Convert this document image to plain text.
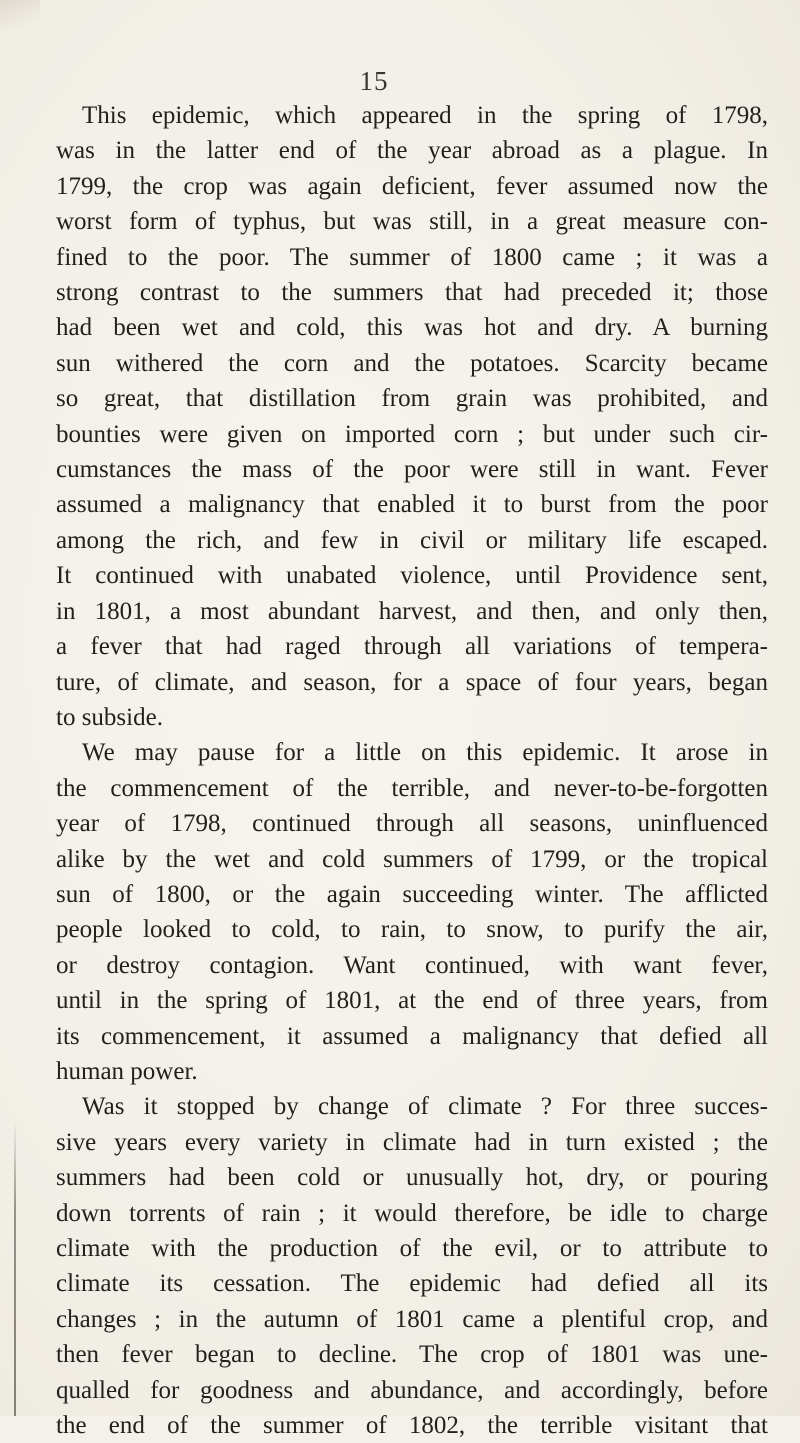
15

This epidemic, which appeared in the spring of 1798,
was in the latter end of the year abroad as a plague. In
1799, the crop was again deficient, fever assumed now the
worst form of typhus, but was still, in a great measure con-
fined to the poor. The summer of 1800 came ; it was a
strong contrast to the summers that had preceded it; those
had been wet and cold, this was hot and dry. A burning
sun withered the corn and the potatoes. Scarcity became
so great, that distillation from grain was prohibited, and
bounties were given on imported corn ; but under such cir-
cumstances the mass of the poor were still in want. Fever
assumed a malignancy that enabled it to burst from the poor
among the rich, and few in civil or military life escaped.
It continued with unabated violence, until Providence sent,
in 1801, a most abundant harvest, and then, and only then,
a fever that had raged through all variations of tempera-
ture, of climate, and season, for a space of four years, began
to subside.

We may pause for a little on this epidemic. It arose in
the commencement of the terrible, and never-to-be-forgotten
year of 1798, continued through all seasons, uninfluenced
alike by the wet and cold summers of 1799, or the tropical
sun of 1800, or the again succeeding winter. The afflicted
people looked to cold, to rain, to snow, to purify the air,
or destroy contagion. Want continued, with want fever,
until in the spring of 1801, at the end of three years, from
its commencement, it assumed a malignancy that defied all
human power.

Was it stopped by change of climate ? For three succes-
sive years every variety in climate had in turn existed ; the
summers had been cold or unusually hot, dry, or pouring
down torrents of rain ; it would therefore, be idle to charge
climate with the production of the evil, or to attribute to
climate its cessation. The epidemic had defied all its
changes ; in the autumn of 1801 came a plentiful crop, and
then fever began to decline. The crop of 1801 was une-
qualled for goodness and abundance, and accordingly, before
the end of the summer of 1802, the terrible visitant that
